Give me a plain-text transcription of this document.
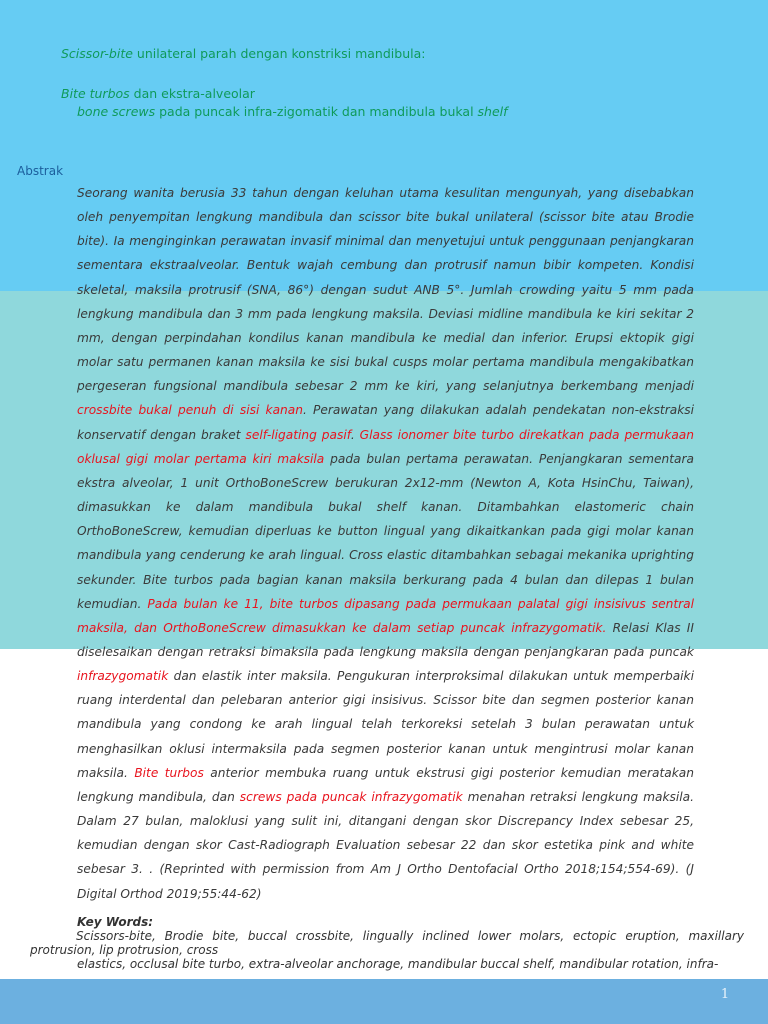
Scissor-bite unilateral parah dengan konstriksi mandibula:
Bite turbos dan ekstra-alveolar
bone screws pada puncak infra-zigomatik dan mandibula bukal shelf
Abstrak

Seorang wanita berusia 33 tahun dengan keluhan utama kesulitan mengunyah, yang disebabkan oleh penyempitan lengkung mandibula dan scissor bite bukal unilateral (scissor bite atau Brodie bite). Ia menginginkan perawatan invasif minimal dan menyetujui untuk penggunaan penjangkaran sementara ekstraalveolar. Bentuk wajah cembung dan protrusif namun bibir kompeten. Kondisi skeletal, maksila protrusif (SNA, 86°) dengan sudut ANB 5°. Jumlah crowding yaitu 5 mm pada lengkung mandibula dan 3 mm pada lengkung maksila. Deviasi midline mandibula ke kiri sekitar 2 mm, dengan perpindahan kondilus kanan mandibula ke medial dan inferior. Erupsi ektopik gigi molar satu permanen kanan maksila ke sisi bukal cusps molar pertama mandibula mengakibatkan pergeseran fungsional mandibula sebesar 2 mm ke kiri, yang selanjutnya berkembang menjadi crossbite bukal penuh di sisi kanan. Perawatan yang dilakukan adalah pendekatan non-ekstraksi konservatif dengan braket self-ligating pasif. Glass ionomer bite turbo direkatkan pada permukaan oklusal gigi molar pertama kiri maksila pada bulan pertama perawatan. Penjangkaran sementara ekstra alveolar, 1 unit OrthoBoneScrew berukuran 2x12-mm (Newton A, Kota HsinChu, Taiwan), dimasukkan ke dalam mandibula bukal shelf kanan. Ditambahkan elastomeric chain OrthoBoneScrew, kemudian diperluas ke button lingual yang dikaitkankan pada gigi molar kanan mandibula yang cenderung ke arah lingual. Cross elastic ditambahkan sebagai mekanika uprighting sekunder. Bite turbos pada bagian kanan maksila berkurang pada 4 bulan dan dilepas 1 bulan kemudian. Pada bulan ke 11, bite turbos dipasang pada permukaan palatal gigi insisivus sentral maksila, dan OrthoBoneScrew dimasukkan ke dalam setiap puncak infrazygomatik. Relasi Klas II diselesaikan dengan retraksi bimaksila pada lengkung maksila dengan penjangkaran pada puncak infrazygomatik dan elastik inter maksila. Pengukuran interproksimal dilakukan untuk memperbaiki ruang interdental dan pelebaran anterior gigi insisivus. Scissor bite dan segmen posterior kanan mandibula yang condong ke arah lingual telah terkoreksi setelah 3 bulan perawatan untuk menghasilkan oklusi intermaksila pada segmen posterior kanan untuk mengintrusi molar kanan maksila. Bite turbos anterior membuka ruang untuk ekstrusi gigi posterior kemudian meratakan lengkung mandibula, dan screws pada puncak infrazygomatik menahan retraksi lengkung maksila. Dalam 27 bulan, maloklusi yang sulit ini, ditangani dengan skor Discrepancy Index sebesar 25, kemudian dengan skor Cast-Radiograph Evaluation sebesar 22 dan skor estetika pink and white sebesar 3. . (Reprinted with permission from Am J Ortho Dentofacial Ortho 2018;154;554-69). (J Digital Orthod 2019;55:44-62)

Key Words:

Scissors-bite, Brodie bite, buccal crossbite, lingually inclined lower molars, ectopic eruption, maxillary protrusion, lip protrusion, cross

elastics, occlusal bite turbo, extra-alveolar anchorage, mandibular buccal shelf, mandibular rotation, infra-

1
